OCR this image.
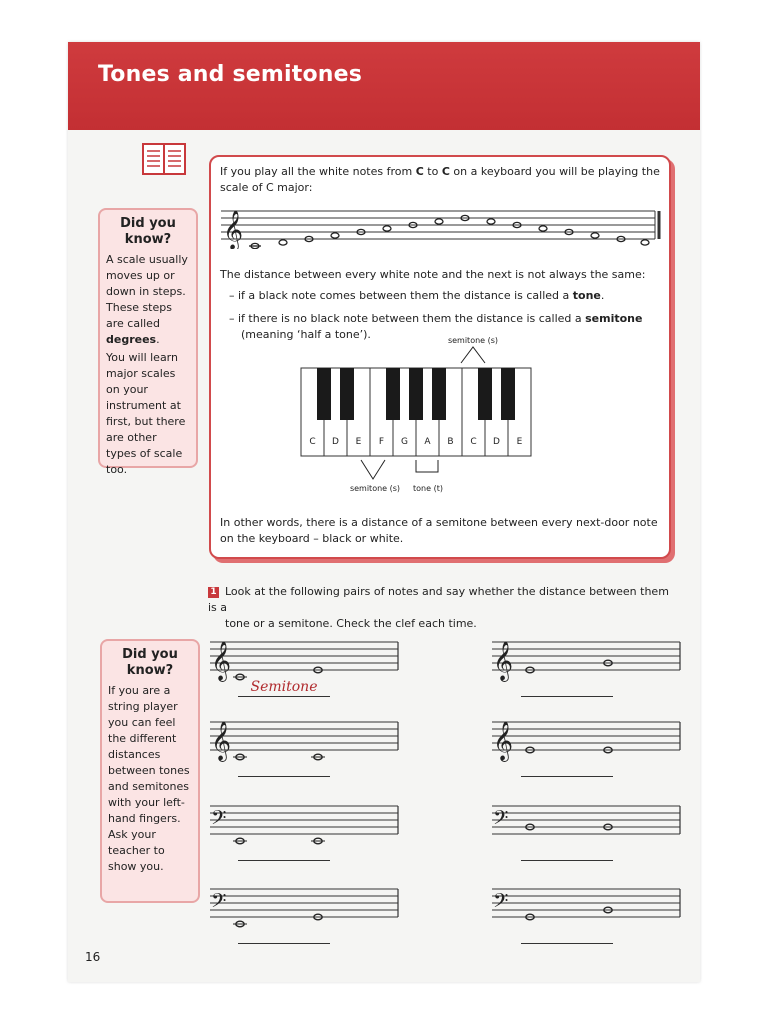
Tones and semitones
Did you know?

A scale usually moves up or down in steps. These steps are called degrees.

You will learn major scales on your instrument at first, but there are other types of scale too.

If you play all the white notes from C to C on a keyboard you will be playing the
scale of C major:
𝄞
The distance between every white note and the next is not always the same:
– if a black note comes between them the distance is called a tone.
– if there is no black note between them the distance is called a semitone
(meaning ‘half a tone’).	semitone (s)
C D E F G A B C D E
semitone (s) tone (t)
In other words, there is a distance of a semitone between every next-door note
on the keyboard – black or white.
1 Look at the following pairs of notes and say whether the distance between them is a
tone or a semitone. Check the clef each time.
Did you know?

If you are a string player you can feel the different distances between tones and semitones with your left-hand fingers. Ask your teacher to show you.

𝄞	𝄞
𝄞	𝄞
𝄢	𝄢
𝄢	𝄢
Semitone
16
